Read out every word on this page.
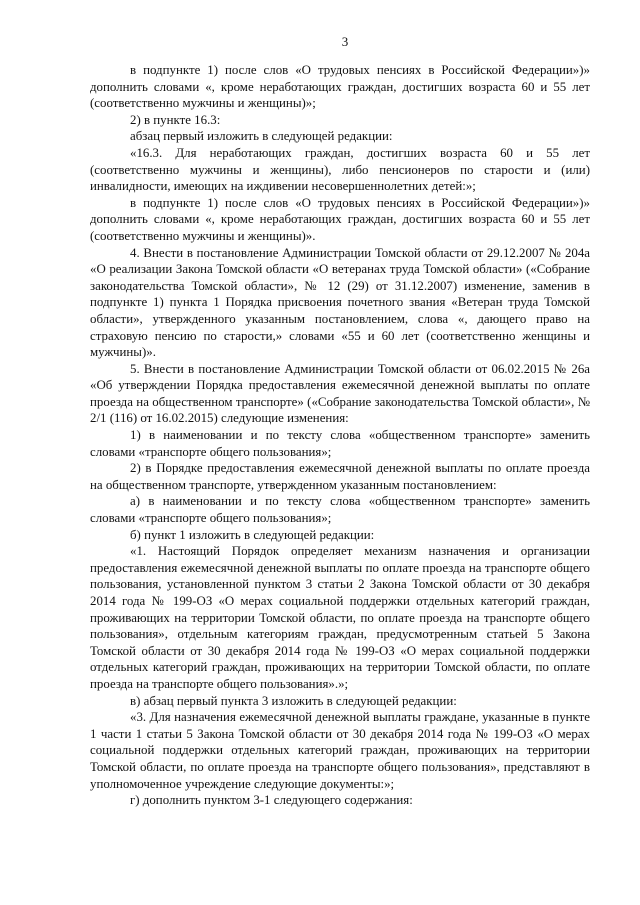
3

в подпункте 1) после слов «О трудовых пенсиях в Российской Федерации»)» дополнить словами «, кроме неработающих граждан, достигших возраста 60 и 55 лет (соответственно мужчины и женщины)»;

2) в пункте 16.3:

абзац первый изложить в следующей редакции:

«16.3. Для неработающих граждан, достигших возраста 60 и 55 лет (соответственно мужчины и женщины), либо пенсионеров по старости и (или) инвалидности, имеющих на иждивении несовершеннолетних детей:»;

в подпункте 1) после слов «О трудовых пенсиях в Российской Федерации»)» дополнить словами «, кроме неработающих граждан, достигших возраста 60 и 55 лет (соответственно мужчины и женщины)».

4. Внести в постановление Администрации Томской области от 29.12.2007 № 204а «О реализации Закона Томской области «О ветеранах труда Томской области» («Собрание законодательства Томской области», № 12 (29) от 31.12.2007) изменение, заменив в подпункте 1) пункта 1 Порядка присвоения почетного звания «Ветеран труда Томской области», утвержденного указанным постановлением, слова «, дающего право на страховую пенсию по старости,» словами «55 и 60 лет (соответственно женщины и мужчины)».

5. Внести в постановление Администрации Томской области от 06.02.2015 № 26а «Об утверждении Порядка предоставления ежемесячной денежной выплаты по оплате проезда на общественном транспорте» («Собрание законодательства Томской области», № 2/1 (116) от 16.02.2015) следующие изменения:

1) в наименовании и по тексту слова «общественном транспорте» заменить словами «транспорте общего пользования»;

2) в Порядке предоставления ежемесячной денежной выплаты по оплате проезда на общественном транспорте, утвержденном указанным постановлением:

а) в наименовании и по тексту слова «общественном транспорте» заменить словами «транспорте общего пользования»;

б) пункт 1 изложить в следующей редакции:

«1. Настоящий Порядок определяет механизм назначения и организации предоставления ежемесячной денежной выплаты по оплате проезда на транспорте общего пользования, установленной пунктом 3 статьи 2 Закона Томской области от 30 декабря 2014 года № 199-ОЗ «О мерах социальной поддержки отдельных категорий граждан, проживающих на территории Томской области, по оплате проезда на транспорте общего пользования», отдельным категориям граждан, предусмотренным статьей 5 Закона Томской области от 30 декабря 2014 года № 199-ОЗ «О мерах социальной поддержки отдельных категорий граждан, проживающих на территории Томской области, по оплате проезда на транспорте общего пользования».»;

в) абзац первый пункта 3 изложить в следующей редакции:

«3. Для назначения ежемесячной денежной выплаты граждане, указанные в пункте 1 части 1 статьи 5 Закона Томской области от 30 декабря 2014 года № 199-ОЗ «О мерах социальной поддержки отдельных категорий граждан, проживающих на территории Томской области, по оплате проезда на транспорте общего пользования», представляют в уполномоченное учреждение следующие документы:»;

г) дополнить пунктом 3-1 следующего содержания:
